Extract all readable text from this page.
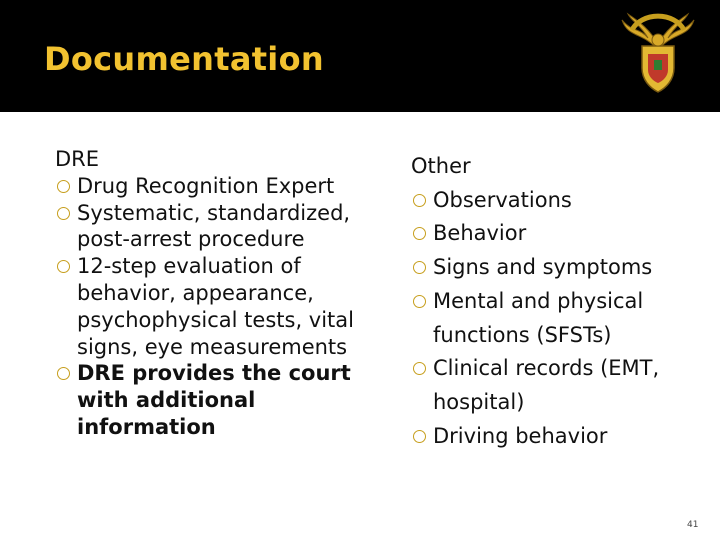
Documentation

DRE

Drug Recognition Expert

Systematic, standardized, post-arrest procedure

12-step evaluation of behavior, appearance, psychophysical tests, vital signs, eye measurements

DRE provides the court with additional information

Other

Observations

Behavior

Signs and symptoms

Mental and physical functions (SFSTs)

Clinical records (EMT, hospital)

Driving behavior

41
